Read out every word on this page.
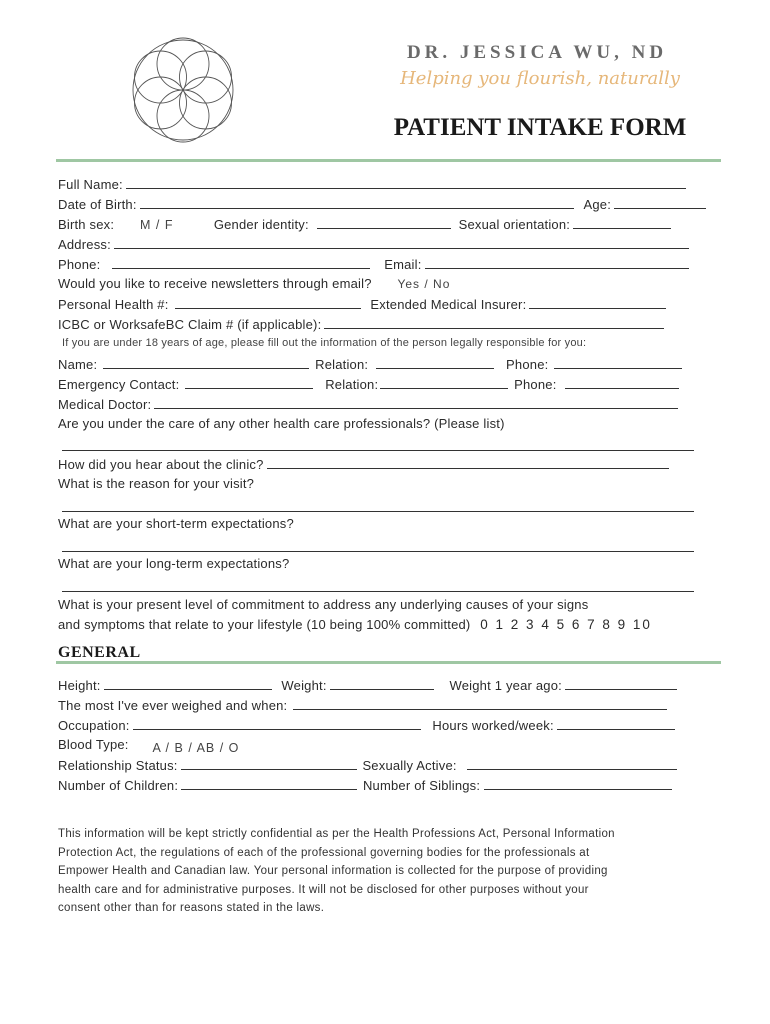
DR. JESSICA WU, ND
Helping you flourish, naturally
PATIENT INTAKE FORM
Full Name:
Date of Birth:	Age:
Birth sex: M / F	Gender identity:	Sexual orientation:
Address:
Phone:	Email:
Would you like to receive newsletters through email? Yes / No
Personal Health #:	Extended Medical Insurer:
ICBC or WorksafeBC Claim # (if applicable):
If you are under 18 years of age, please fill out the information of the person legally responsible for you:
Name:	Relation:	Phone:
Emergency Contact:	Relation:	Phone:
Medical Doctor:
Are you under the care of any other health care professionals? (Please list)
How did you hear about the clinic?
What is the reason for your visit?
What are your short-term expectations?
What are your long-term expectations?
What is your present level of commitment to address any underlying causes of your signs
and symptoms that relate to your lifestyle (10 being 100% committed) 0 1 2 3 4 5 6 7 8 9 10
GENERAL
Height:	Weight:	Weight 1 year ago:
The most I've ever weighed and when:
Occupation:	Hours worked/week:
Blood Type: A / B / AB / O
Relationship Status:	Sexually Active:
Number of Children:	Number of Siblings:
This information will be kept strictly confidential as per the Health Professions Act, Personal Information
Protection Act, the regulations of each of the professional governing bodies for the professionals at
Empower Health and Canadian law. Your personal information is collected for the purpose of providing
health care and for administrative purposes. It will not be disclosed for other purposes without your
consent other than for reasons stated in the laws.
